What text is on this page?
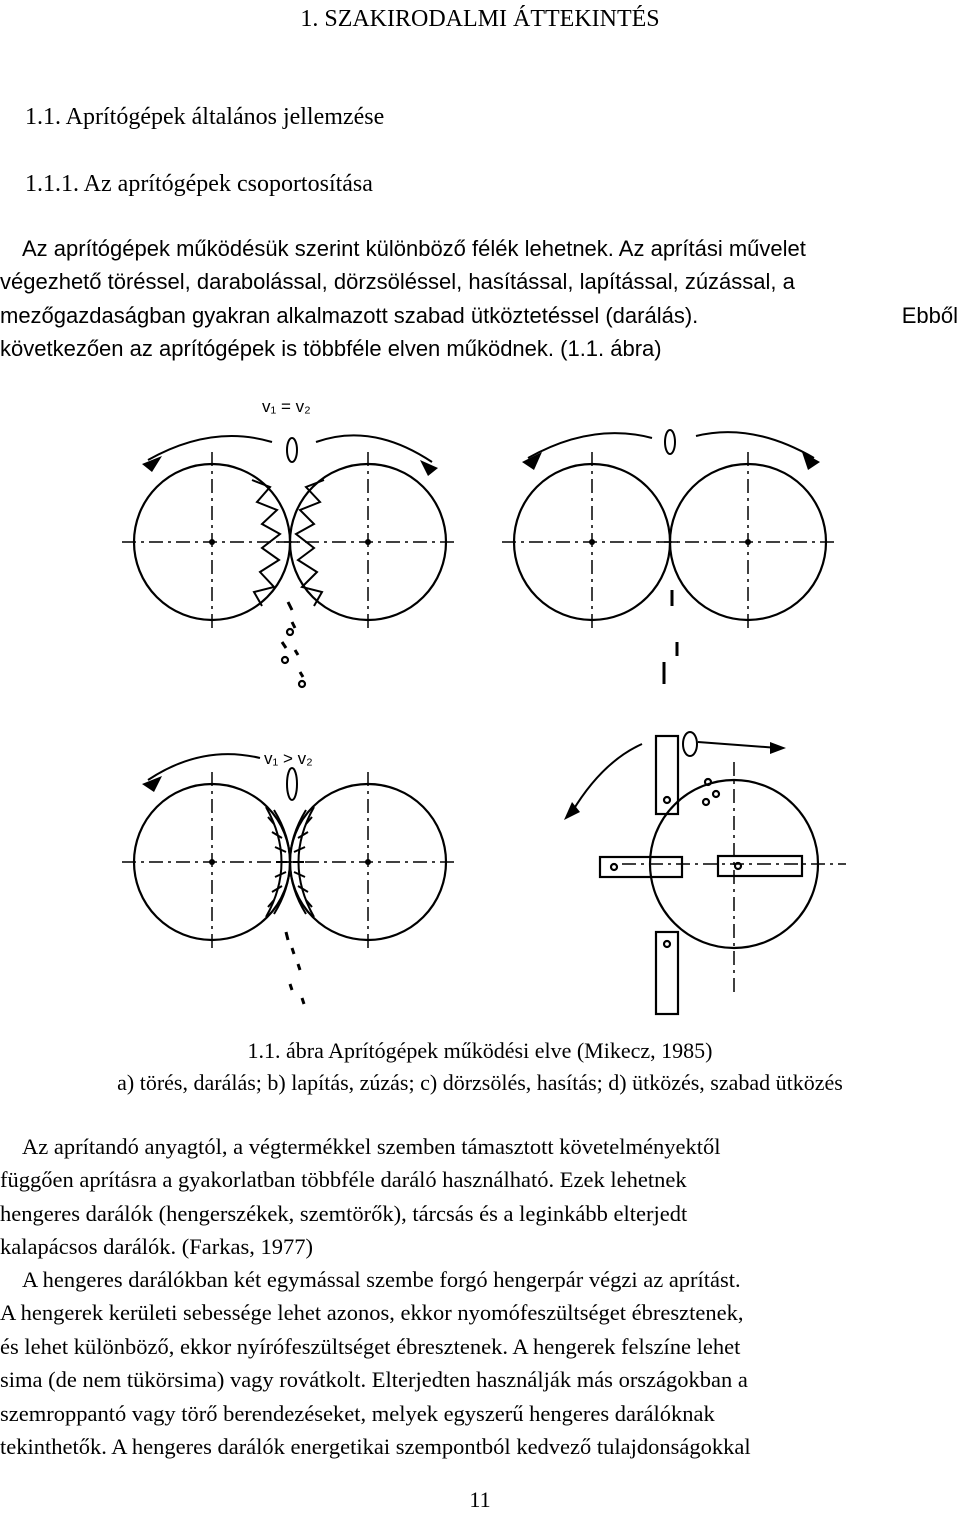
1. SZAKIRODALMI ÁTTEKINTÉS
1.1. Aprítógépek általános jellemzése
1.1.1. Az aprítógépek csoportosítása

Az aprítógépek működésük szerint különböző félék lehetnek. Az aprítási művelet

végezhető töréssel, darabolással, dörzsöléssel, hasítással, lapítással, zúzással, a

mezőgazdaságban gyakran alkalmazott szabad ütköztetéssel (darálás).	Ebből

következően az aprítógépek is többféle elven működnek. (1.1. ábra)

v₁ = v₂
v₁ > v₂
1.1. ábra Aprítógépek működési elve (Mikecz, 1985)
a) törés, darálás; b) lapítás, zúzás; c) dörzsölés, hasítás; d) ütközés, szabad ütközés

Az aprítandó anyagtól, a végtermékkel szemben támasztott követelményektől

függően aprításra a gyakorlatban többféle daráló használható. Ezek lehetnek

hengeres darálók (hengerszékek, szemtörők), tárcsás és a leginkább elterjedt

kalapácsos darálók. (Farkas, 1977)

A hengeres darálókban két egymással szembe forgó hengerpár végzi az aprítást.

A hengerek kerületi sebessége lehet azonos, ekkor nyomófeszültséget ébresztenek,

és lehet különböző, ekkor nyírófeszültséget ébresztenek. A hengerek felszíne lehet

sima (de nem tükörsima) vagy rovátkolt. Elterjedten használják más országokban a

szemroppantó vagy törő berendezéseket, melyek egyszerű hengeres darálóknak

tekinthetők. A hengeres darálók energetikai szempontból kedvező tulajdonságokkal

11
